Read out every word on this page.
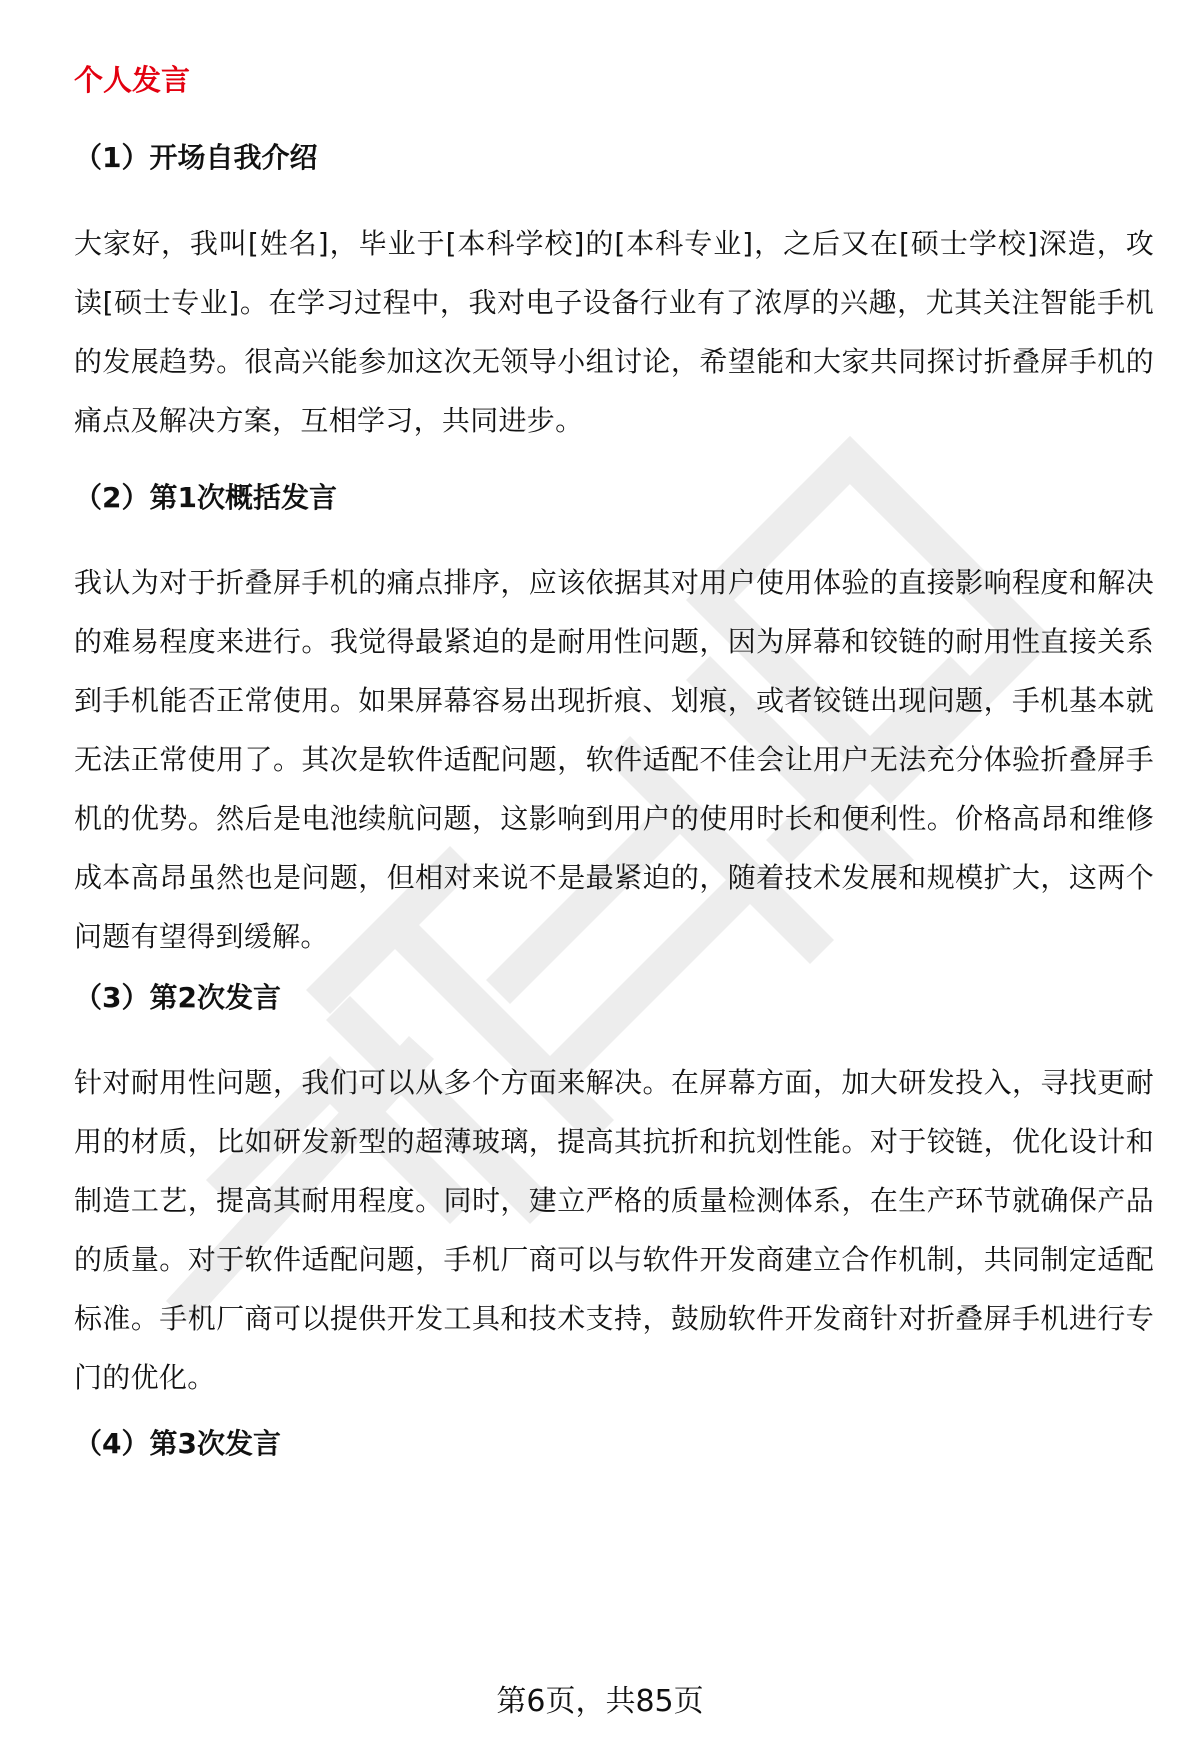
个人发言
（1）开场自我介绍
大家好，我叫[姓名]，毕业于[本科学校]的[本科专业]，之后又在[硕士学校]深造，攻读[硕士专业]。在学习过程中，我对电子设备行业有了浓厚的兴趣，尤其关注智能手机的发展趋势。很高兴能参加这次无领导小组讨论，希望能和大家共同探讨折叠屏手机的痛点及解决方案，互相学习，共同进步。
（2）第1次概括发言
我认为对于折叠屏手机的痛点排序，应该依据其对用户使用体验的直接影响程度和解决的难易程度来进行。我觉得最紧迫的是耐用性问题，因为屏幕和铰链的耐用性直接关系到手机能否正常使用。如果屏幕容易出现折痕、划痕，或者铰链出现问题，手机基本就无法正常使用了。其次是软件适配问题，软件适配不佳会让用户无法充分体验折叠屏手机的优势。然后是电池续航问题，这影响到用户的使用时长和便利性。价格高昂和维修成本高昂虽然也是问题，但相对来说不是最紧迫的，随着技术发展和规模扩大，这两个问题有望得到缓解。
（3）第2次发言
针对耐用性问题，我们可以从多个方面来解决。在屏幕方面，加大研发投入，寻找更耐用的材质，比如研发新型的超薄玻璃，提高其抗折和抗划性能。对于铰链，优化设计和制造工艺，提高其耐用程度。同时，建立严格的质量检测体系，在生产环节就确保产品的质量。对于软件适配问题，手机厂商可以与软件开发商建立合作机制，共同制定适配标准。手机厂商可以提供开发工具和技术支持，鼓励软件开发商针对折叠屏手机进行专门的优化。
（4）第3次发言
第6页，共85页
